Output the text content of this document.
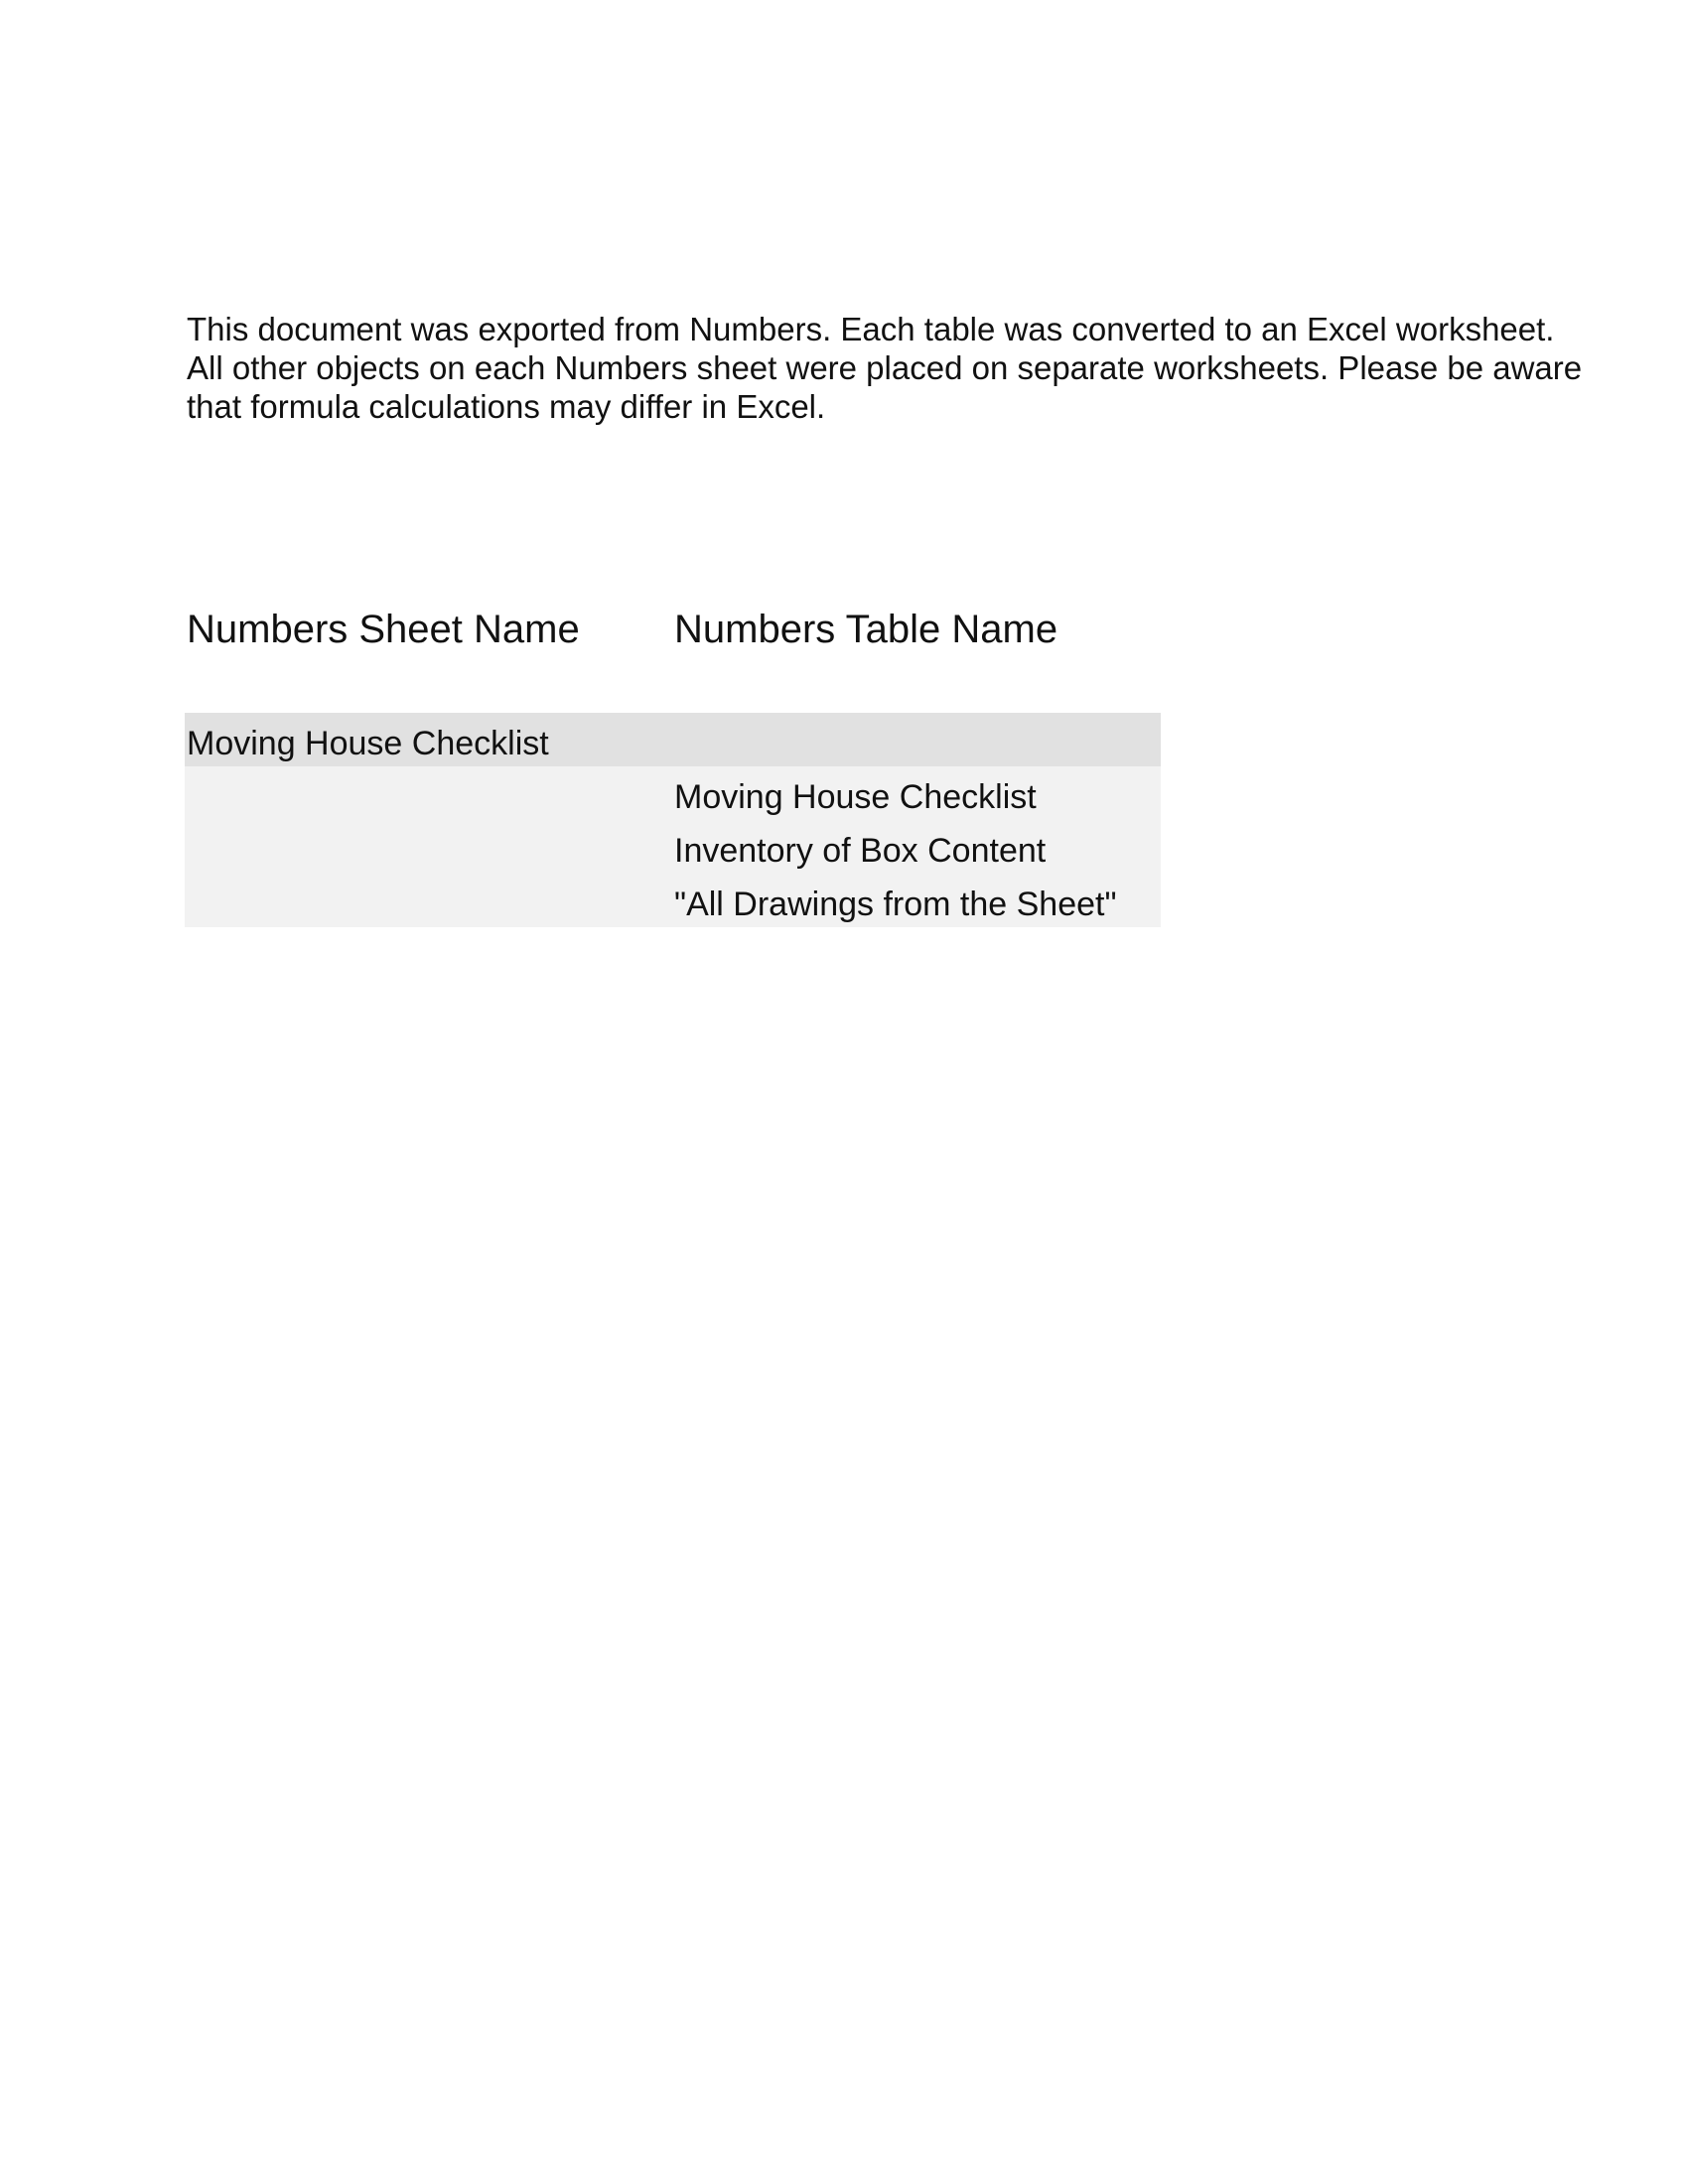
This document was exported from Numbers. Each table was converted to an Excel worksheet.
All other objects on each Numbers sheet were placed on separate worksheets. Please be aware
that formula calculations may differ in Excel.
Numbers Sheet Name Numbers Table Name
Moving House Checklist
Moving House Checklist
Inventory of Box Content
"All Drawings from the Sheet"
